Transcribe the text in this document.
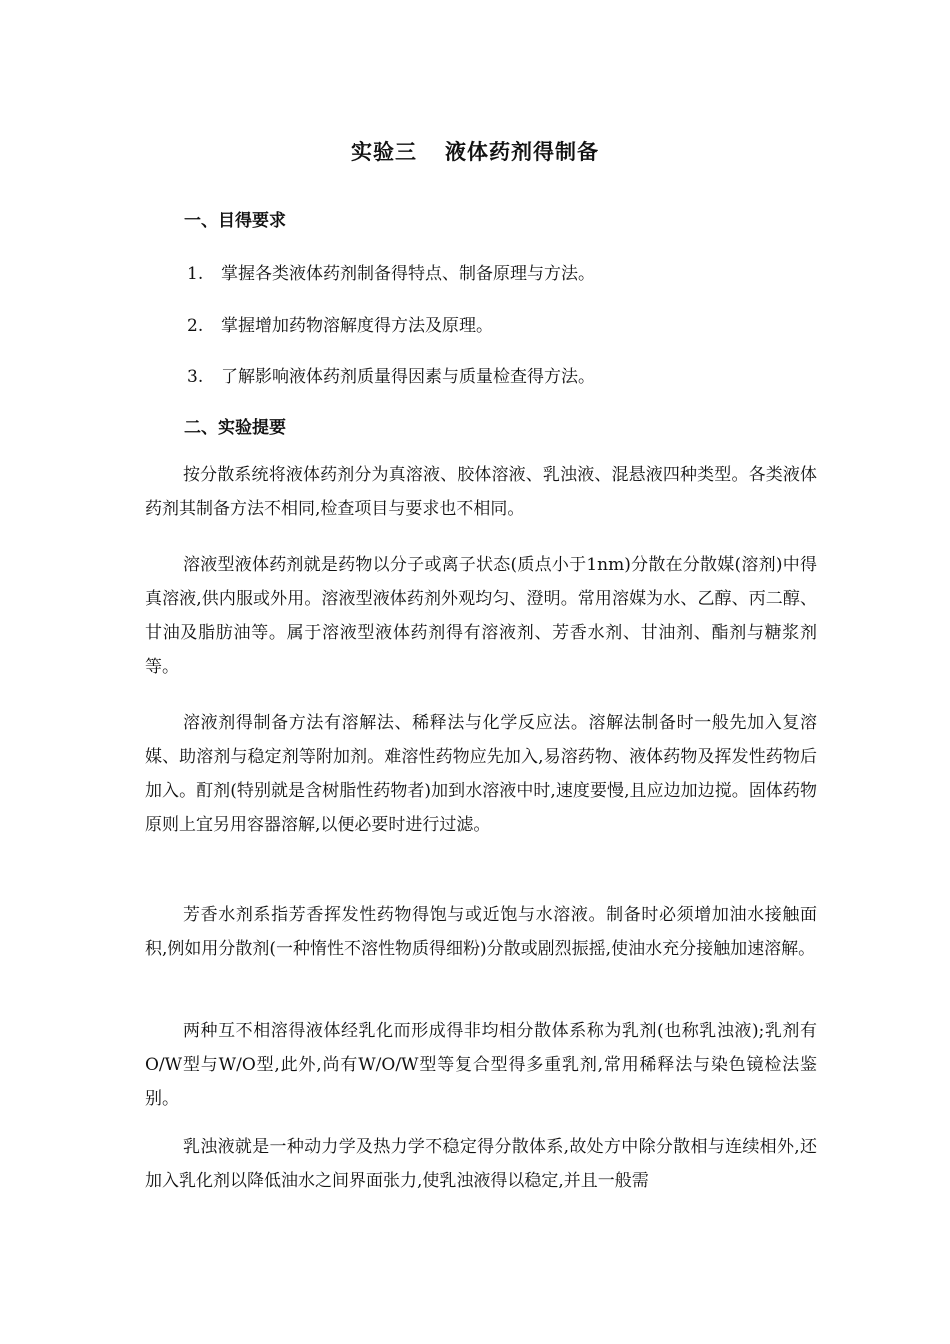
实验三 液体药剂得制备
一、目得要求
1. 掌握各类液体药剂制备得特点、制备原理与方法。
2. 掌握增加药物溶解度得方法及原理。
3. 了解影响液体药剂质量得因素与质量检查得方法。
二、实验提要

按分散系统将液体药剂分为真溶液、胶体溶液、乳浊液、混悬液四种类型。各类液体药剂其制备方法不相同,检查项目与要求也不相同。

溶液型液体药剂就是药物以分子或离子状态(质点小于1nm)分散在分散媒(溶剂)中得真溶液,供内服或外用。溶液型液体药剂外观均匀、澄明。常用溶媒为水、乙醇、丙二醇、甘油及脂肪油等。属于溶液型液体药剂得有溶液剂、芳香水剂、甘油剂、酯剂与糖浆剂等。

溶液剂得制备方法有溶解法、稀释法与化学反应法。溶解法制备时一般先加入复溶媒、助溶剂与稳定剂等附加剂。难溶性药物应先加入,易溶药物、液体药物及挥发性药物后加入。酊剂(特别就是含树脂性药物者)加到水溶液中时,速度要慢,且应边加边搅。固体药物原则上宜另用容器溶解,以便必要时进行过滤。

芳香水剂系指芳香挥发性药物得饱与或近饱与水溶液。制备时必须增加油水接触面积,例如用分散剂(一种惰性不溶性物质得细粉)分散或剧烈振摇,使油水充分接触加速溶解。

两种互不相溶得液体经乳化而形成得非均相分散体系称为乳剂(也称乳浊液);乳剂有O/W型与W/O型,此外,尚有W/O/W型等复合型得多重乳剂,常用稀释法与染色镜检法鉴别。

乳浊液就是一种动力学及热力学不稳定得分散体系,故处方中除分散相与连续相外,还加入乳化剂以降低油水之间界面张力,使乳浊液得以稳定,并且一般需
